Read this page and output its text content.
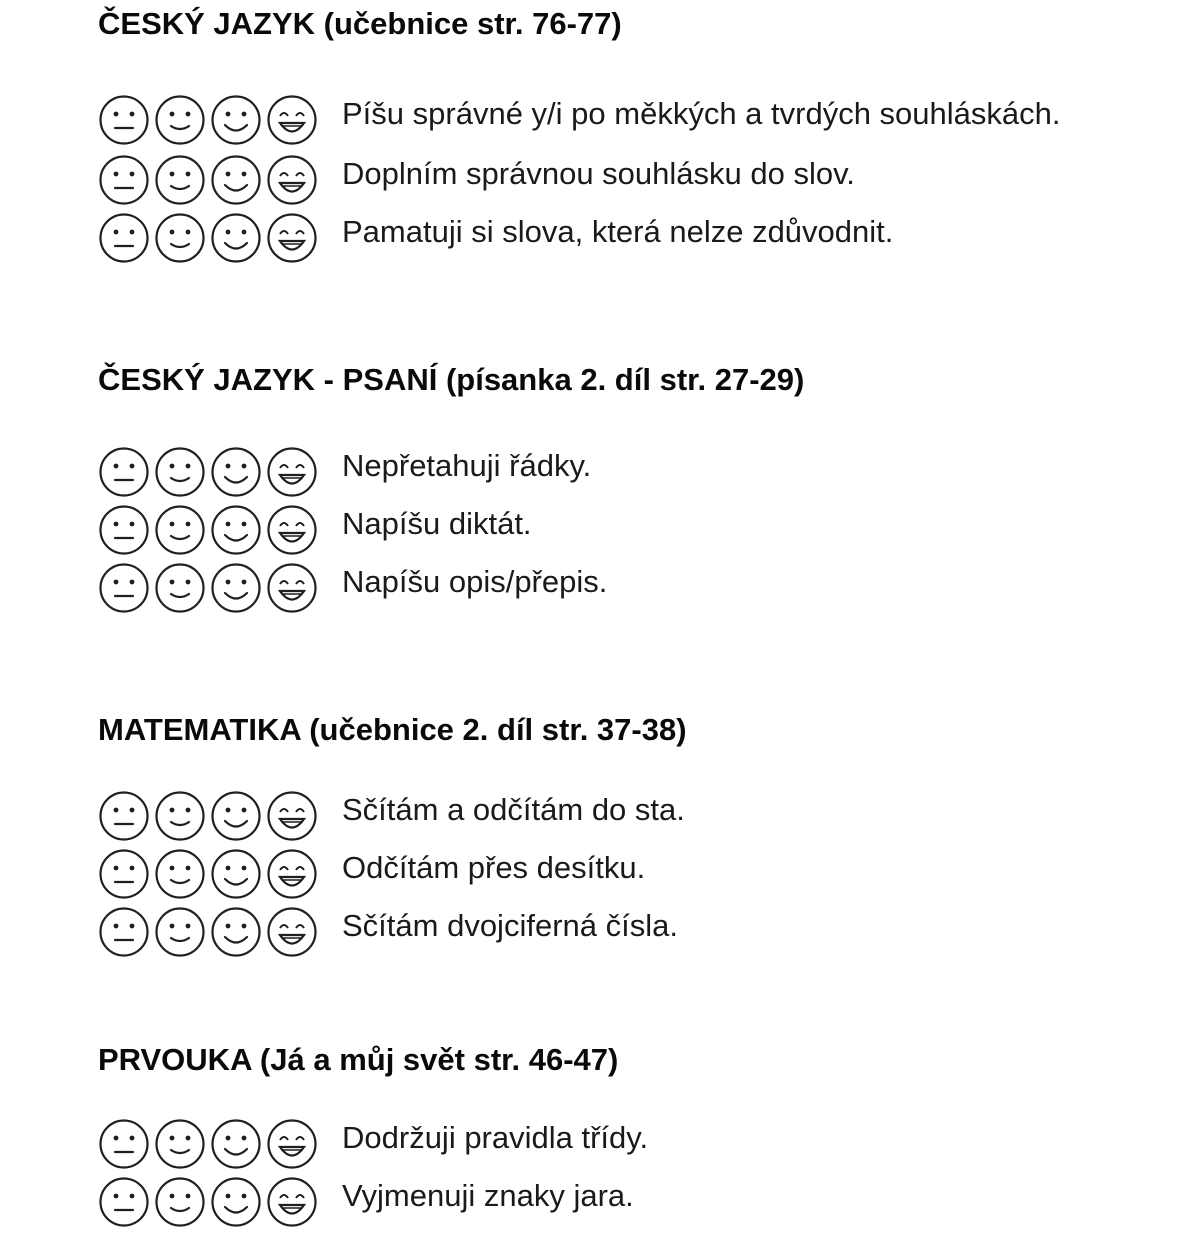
ČESKÝ JAZYK (učebnice str. 76-77)
Píšu správné y/i po měkkých a tvrdých souhláskách.
Doplním správnou souhlásku do slov.
Pamatuji si slova, která nelze zdůvodnit.
ČESKÝ JAZYK - PSANÍ (písanka 2. díl str. 27-29)
Nepřetahuji řádky.
Napíšu diktát.
Napíšu opis/přepis.
MATEMATIKA (učebnice 2. díl str. 37-38)
Sčítám a odčítám do sta.
Odčítám přes desítku.
Sčítám dvojciferná čísla.
PRVOUKA (Já a můj svět str. 46-47)
Dodržuji pravidla třídy.
Vyjmenuji znaky jara.
